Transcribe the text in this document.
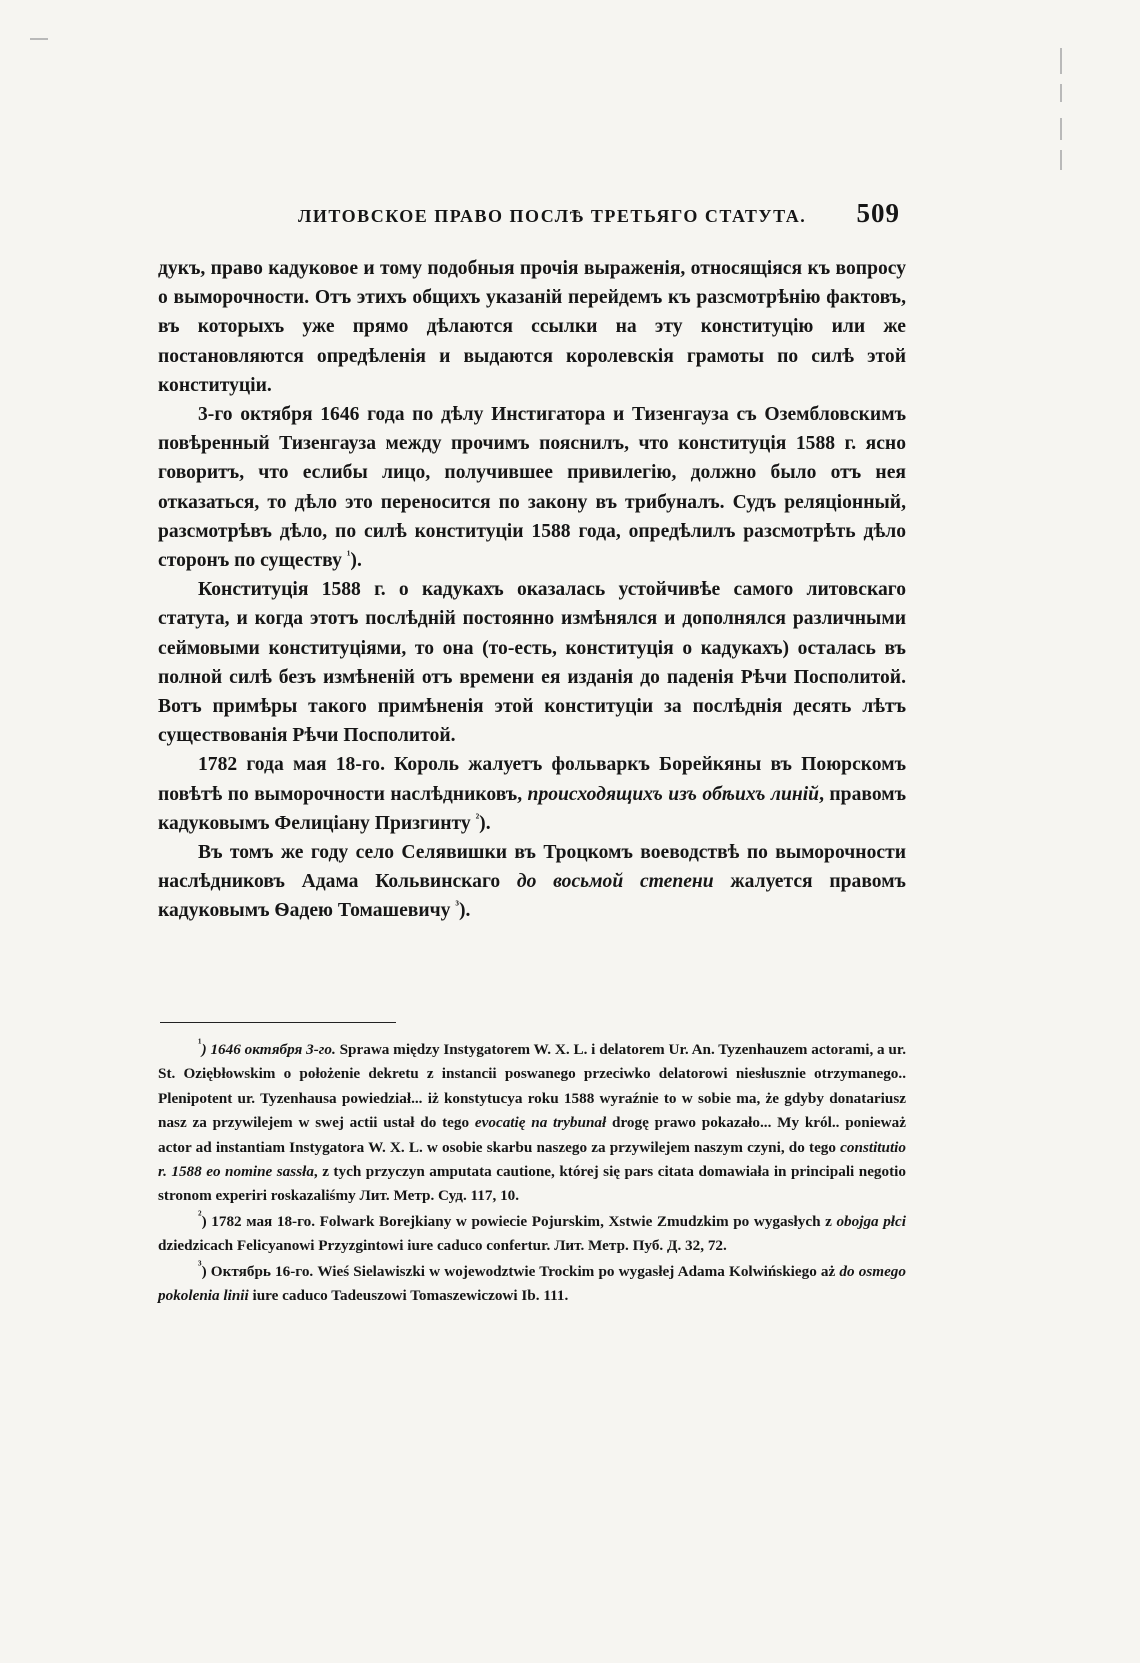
ЛИТОВСКОЕ ПРАВО ПОСЛѢ ТРЕТЬЯГО СТАТУТА. 509

дукъ, право кадуковое и тому подобныя прочія выраженія, относящіяся къ вопросу о выморочности. Отъ этихъ общихъ указаній перейдемъ къ разсмотрѣнію фактовъ, въ которыхъ уже прямо дѣлаются ссылки на эту конституцію или же постановляются опредѣленія и выдаются королевскія грамоты по силѣ этой конституціи.

3-го октября 1646 года по дѣлу Инстигатора и Тизенгауза съ Озембловскимъ повѣренный Тизенгауза между прочимъ пояснилъ, что конституція 1588 г. ясно говоритъ, что еслибы лицо, получившее привилегію, должно было отъ нея отказаться, то дѣло это переносится по закону въ трибуналъ. Судъ реляціонный, разсмотрѣвъ дѣло, по силѣ конституціи 1588 года, опредѣлилъ разсмотрѣть дѣло сторонъ по существу $^{^1}$).

Конституція 1588 г. о кадукахъ оказалась устойчивѣе самого литовскаго статута, и когда этотъ послѣдній постоянно измѣнялся и дополнялся различными сеймовыми конституціями, то она (то-есть, конституція о кадукахъ) осталась въ полной силѣ безъ измѣненій отъ времени ея изданія до паденія Рѣчи Посполитой. Вотъ примѣры такого примѣненія этой конституціи за послѣднія десять лѣтъ существованія Рѣчи Посполитой.

1782 года мая 18-го. Король жалуетъ фольваркъ Борейкяны въ Поюрскомъ повѣтѣ по выморочности наслѣдниковъ, происходящихъ изъ обѣихъ линій, правомъ кадуковымъ Фелиціану Призгинту $^{^2}$).

Въ томъ же году село Селявишки въ Троцкомъ воеводствѣ по выморочности наслѣдниковъ Адама Кольвинскаго до восьмой степени жалуется правомъ кадуковымъ Ѳадею Томашевичу $^{^3}$).

$^{^1}$) 1646 октября 3-го. Sprawa między Instygatorem W. X. L. i delatorem Ur. An. Tyzenhauzem actorami, a ur. St. Oziębłowskim o położenie dekretu z instancii poswanego przeciwko delatorowi niesłusznie otrzymanego.. Plenipotent ur. Tyzenhausa powiedział... iż konstytucya roku 1588 wyraźnie to w sobie ma, że gdyby donatariusz nasz za przywilejem w swej actii ustał do tego evocatię na trybunał drogę prawo pokazało... My król.. ponieważ actor ad instantiam Instygatora W. X. L. w osobie skarbu naszego za przywilejem naszym czyni, do tego constitutio r. 1588 eo nomine sassła, z tych przyczyn amputata cautione, której się pars citata domawiała in principali negotio stronom experiri roskazaliśmy Лит. Метр. Суд. 117, 10.

$^{^2}$) 1782 мая 18-го. Folwark Borejkiany w powiecie Pojurskim, Xstwie Zmudzkim po wygasłych z obojga płci dziedzicach Felicyanowi Przyzgintowi iure caduco confertur. Лит. Метр. Пуб. Д. 32, 72.

$^{^3}$) Октябрь 16-го. Wieś Sielawiszki w wojewodztwie Trockim po wygasłej Adama Kolwińskiego aż do osmego pokolenia linii iure caduco Tadeuszowi Tomaszewiczowi Ib. 111.
